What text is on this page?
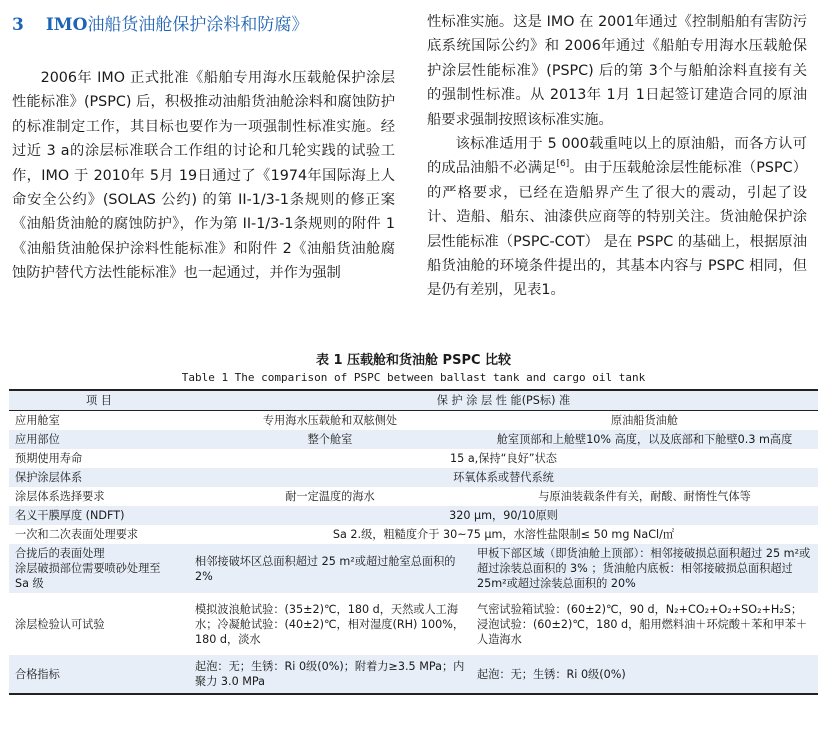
3 IMO油船货油舱保护涂料和防腐》

2006年 IMO 正式批准《船舶专用海水压载舱保护涂层性能标准》(PSPC) 后，积极推动油船货油舱涂料和腐蚀防护的标准制定工作，其目标也要作为一项强制性标准实施。经过近 3 a的涂层标准联合工作组的讨论和几轮实践的试验工作，IMO 于 2010年 5月 19日通过了《1974年国际海上人命安全公约》(SOLAS 公约) 的第 II-1/3-1条规则的修正案《油船货油舱的腐蚀防护》，作为第 II-1/3-1条规则的附件 1《油船货油舱保护涂料性能标准》和附件 2《油船货油舱腐蚀防护替代方法性能标准》也一起通过，并作为强制

性标准实施。这是 IMO 在 2001年通过《控制船舶有害防污底系统国际公约》和 2006年通过《船舶专用海水压载舱保护涂层性能标准》(PSPC) 后的第 3个与船舶涂料直接有关的强制性标准。从 2013年 1月 1日起签订建造合同的原油船要求强制按照该标准实施。

该标准适用于 5 000载重吨以上的原油船，而各方认可的成品油船不必满足[6]。由于压载舱涂层性能标准（PSPC）的严格要求，已经在造船界产生了很大的震动，引起了设计、造船、船东、油漆供应商等的特别关注。货油舱保护涂层性能标准（PSPC-COT） 是在 PSPC 的基础上，根据原油船货油舱的环境条件提出的，其基本内容与 PSPC 相同，但是仍有差别，见表1。

表 1 压载舱和货油舱 PSPC 比较
Table 1 The comparison of PSPC between ballast tank and cargo oil tank
项 目	保 护 涂 层 性 能(PS标) 准	
应用舱室	专用海水压载舱和双舷侧处	原油船货油舱
应用部位	整个舱室	舱室顶部和上舱壁10% 高度，以及底部和下舱壁0.3 m高度
预期使用寿命	15 a,保持“良好”状态	
保护涂层体系	环氧体系或替代系统	
涂层体系选择要求	耐一定温度的海水	与原油装载条件有关，耐酸、耐惰性气体等
名义干膜厚度 (NDFT)	320 μm，90/10原则	
一次和二次表面处理要求	Sa 2.级，粗糙度介于 30~75 μm，水溶性盐限制≤ 50 mg NaCl/㎡	
合拢后的表面处理
涂层破损部位需要喷砂处理至
Sa 级	相邻接破坏区总面积超过 25 m²或超过舱室总面积的 2%	甲板下部区域（即货油舱上顶部）：相邻接破损总面积超过 25 m²或超过涂装总面积的 3% ；货油舱内底板：相邻接破损总面积超过 25m²或超过涂装总面积的 20%
涂层检验认可试验	模拟波浪舱试验：(35±2)℃，180 d，天然或人工海水；冷凝舱试验：(40±2)℃，相对湿度(RH) 100%，180 d，淡水	气密试验箱试验：(60±2)℃，90 d，N₂+CO₂+O₂+SO₂+H₂S；浸泡试验：(60±2)℃，180 d，船用燃料油＋环烷酸＋苯和甲苯＋人造海水
合格指标	起泡：无；生锈：Ri 0级(0%)；附着力≥3.5 MPa；内聚力 3.0 MPa	起泡：无；生锈：Ri 0级(0%)
